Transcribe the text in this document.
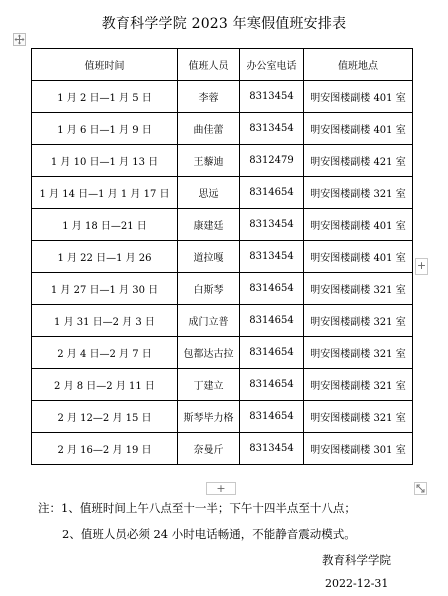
教育科学学院 2023 年寒假值班安排表
值班时间	值班人员	办公室电话	值班地点
1 月 2 日—1 月 5 日	李蓉	8313454	明安图楼副楼 401 室
1 月 6 日—1 月 9 日	曲佳蕾	8313454	明安图楼副楼 401 室
1 月 10 日—1 月 13 日	王藜迪	8312479	明安图楼副楼 421 室
1 月 14 日—1 月 1 月 17 日	思远	8314654	明安图楼副楼 321 室
1 月 18 日—21 日	康建廷	8313454	明安图楼副楼 401 室
1 月 22 日—1 月 26	道拉嘎	8313454	明安图楼副楼 401 室
1 月 27 日—1 月 30 日	白斯琴	8314654	明安图楼副楼 321 室
1 月 31 日—2 月 3 日	成门立普	8314654	明安图楼副楼 321 室
2 月 4 日—2 月 7 日	包都达古拉	8314654	明安图楼副楼 321 室
2 月 8 日—2 月 11 日	丁建立	8314654	明安图楼副楼 321 室
2 月 12—2 月 15 日	斯琴毕力格	8314654	明安图楼副楼 321 室
2 月 16—2 月 19 日	奈曼斤	8313454	明安图楼副楼 301 室
+
+
注：1、值班时间上午八点至十一半；下午十四半点至十八点；
2、值班人员必须 24 小时电话畅通，不能静音震动模式。
教育科学学院
2022-12-31
